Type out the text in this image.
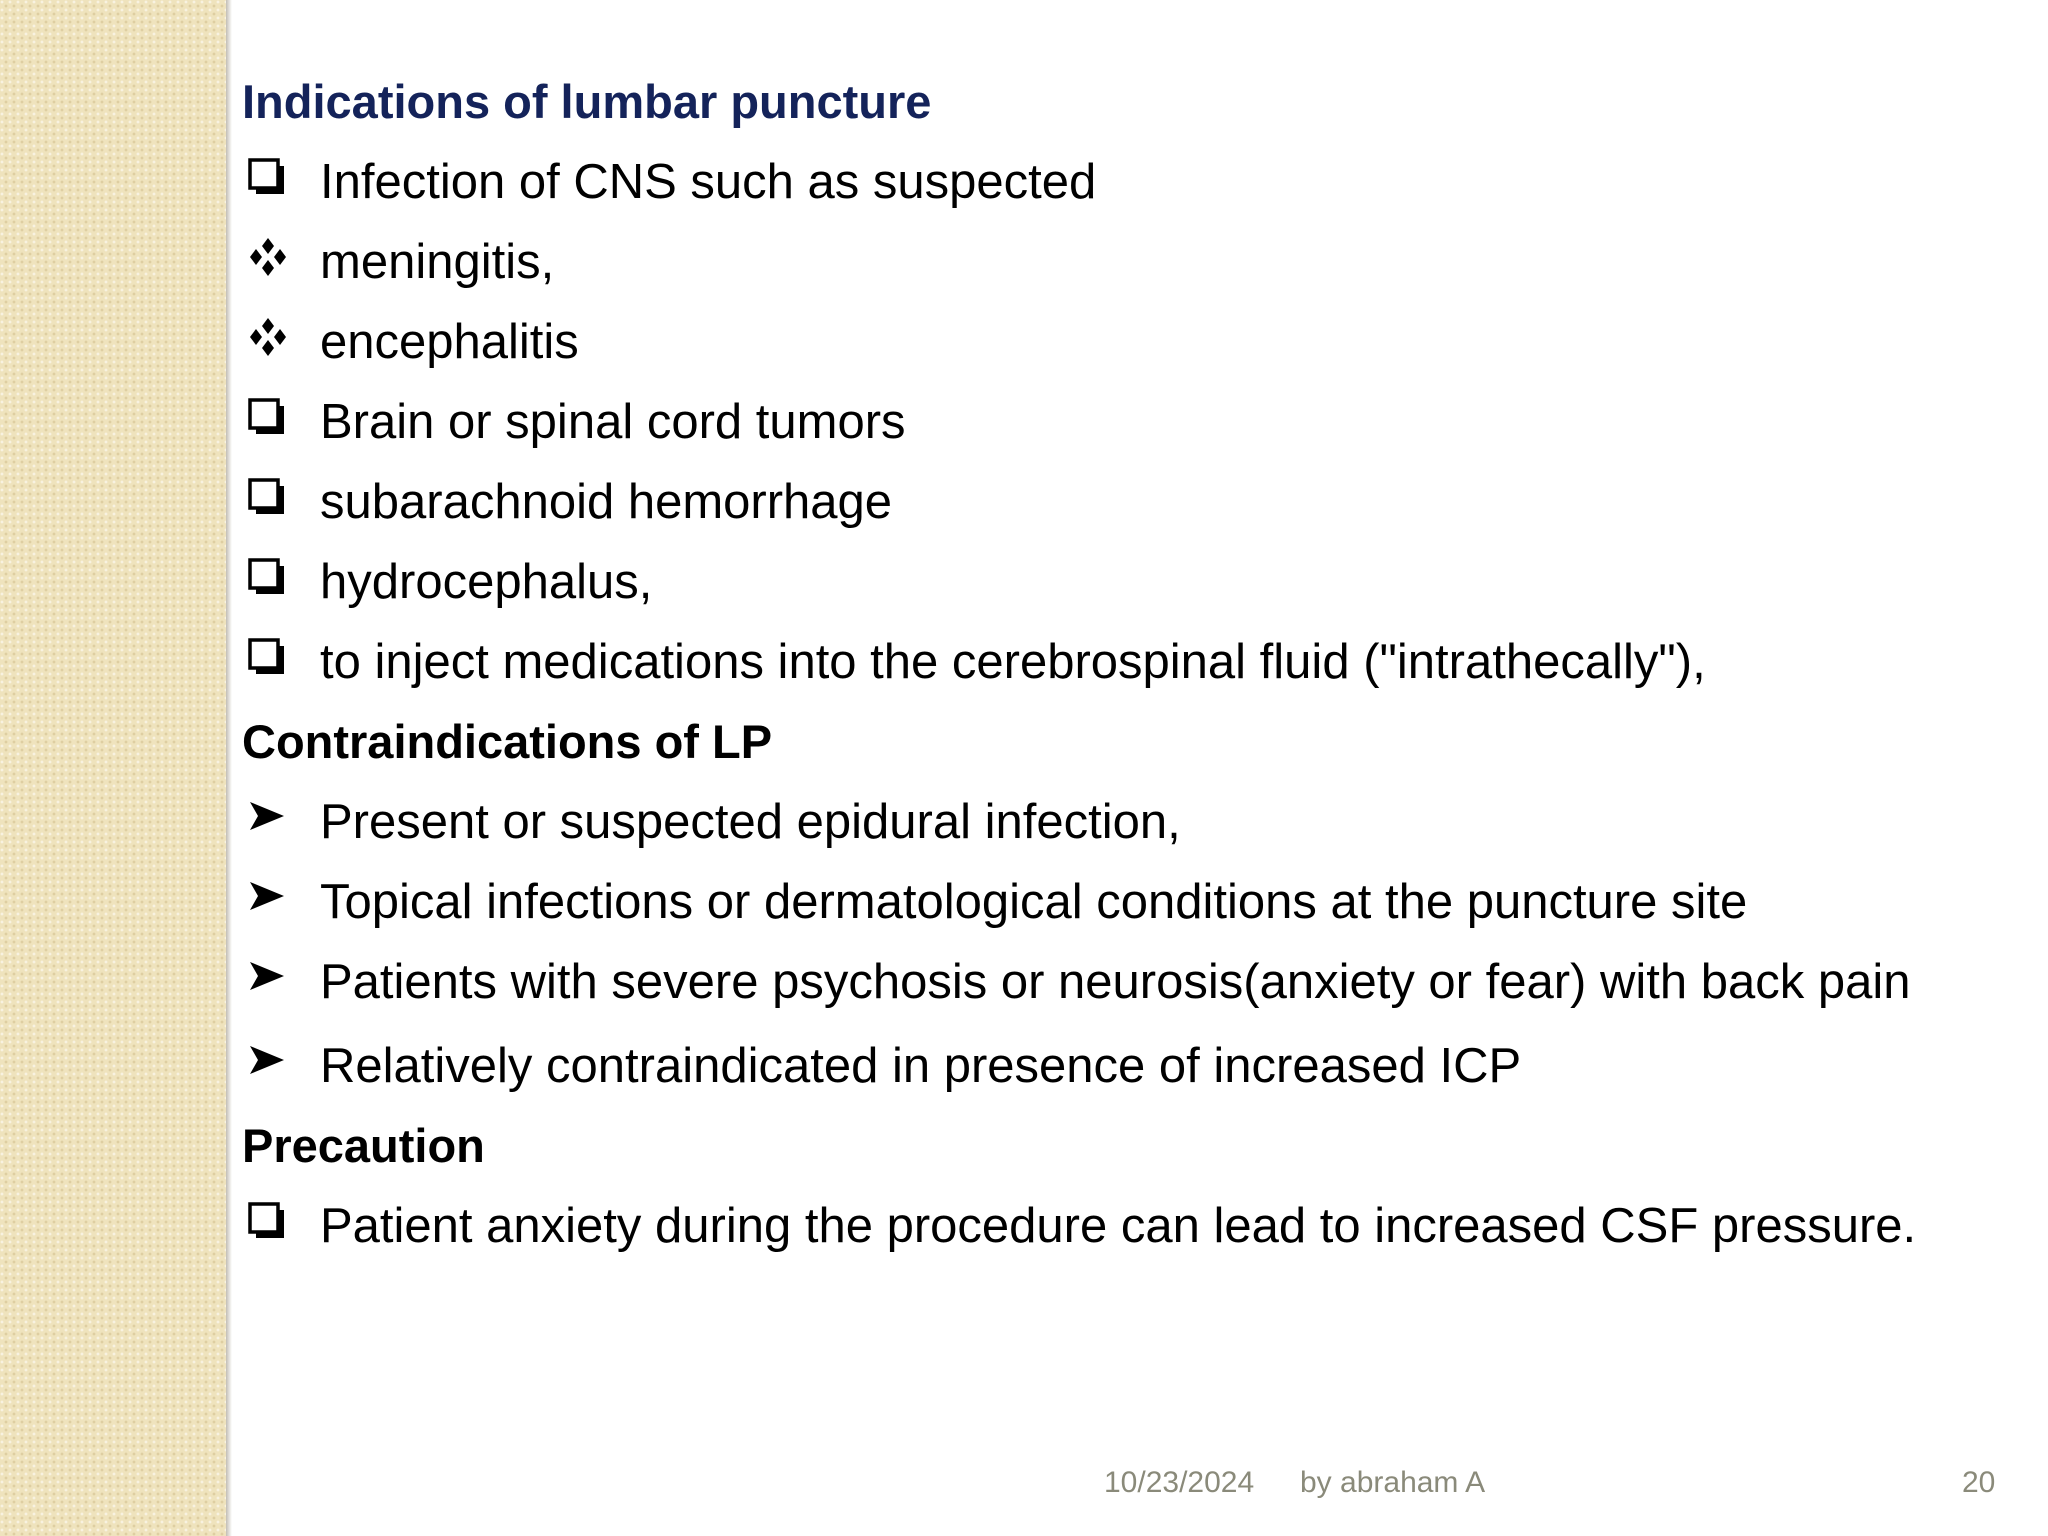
Indications of lumbar puncture
Infection of CNS such as suspected
meningitis,
encephalitis
Brain or spinal cord tumors
subarachnoid hemorrhage
hydrocephalus,
to inject medications into the cerebrospinal fluid ("intrathecally"),
Contraindications of LP
Present or suspected epidural infection,
Topical infections or dermatological conditions at the puncture site
Patients with severe psychosis or neurosis(anxiety or fear) with back pain
Relatively contraindicated in presence of increased ICP
Precaution
Patient anxiety during the procedure can lead to increased CSF pressure.
10/23/2024 by abraham A	20
